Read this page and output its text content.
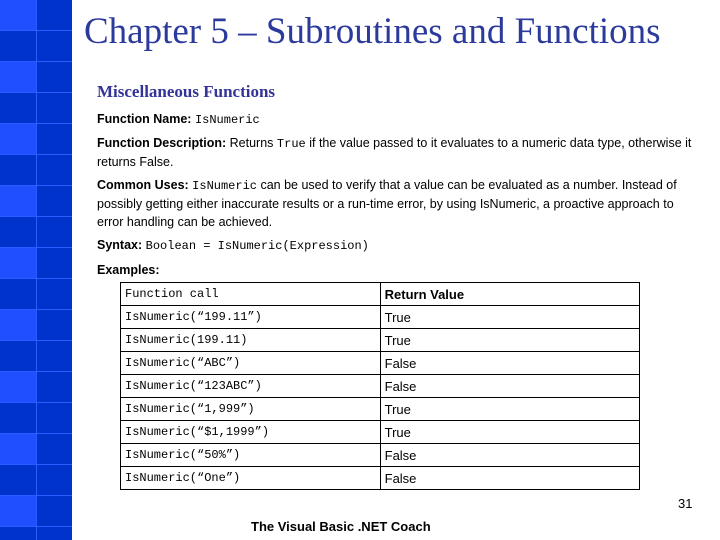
Chapter 5 – Subroutines and Functions
Miscellaneous Functions
Function Name: IsNumeric
Function Description: Returns True if the value passed to it evaluates to a numeric data type, otherwise it returns False.
Common Uses: IsNumeric can be used to verify that a value can be evaluated as a number. Instead of possibly getting either inaccurate results or a run-time error, by using IsNumeric, a proactive approach to error handling can be achieved.
Syntax: Boolean = IsNumeric(Expression)
Examples:
Function call	Return Value
IsNumeric(“199.11”)	True
IsNumeric(199.11)	True
IsNumeric(“ABC”)	False
IsNumeric(“123ABC”)	False
IsNumeric(“1,999”)	True
IsNumeric(“$1,1999”)	True
IsNumeric(“50%”)	False
IsNumeric(“One”)	False
31
The Visual Basic .NET Coach
